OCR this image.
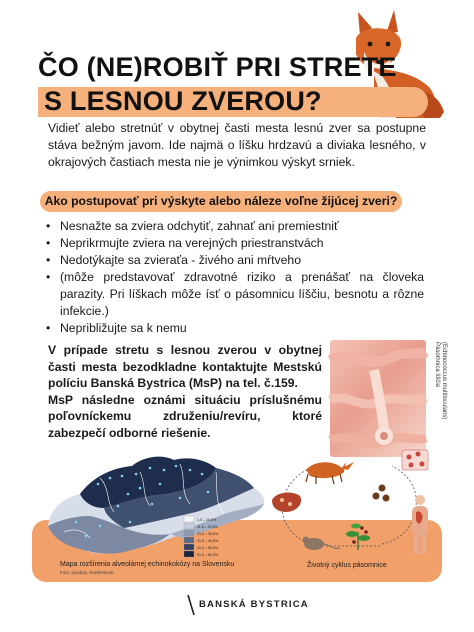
ČO (NE)ROBIŤ PRI STRETE
S LESNOU ZVEROU?
Vidieť alebo stretnúť v obytnej časti mesta lesnú zver sa postupne stáva bežným javom. Ide najmä o líšku hrdzavú a diviaka lesného, v okrajových častiach mesta nie je výnimkou výskyt srniek.
Ako postupovať pri výskyte alebo náleze voľne žijúcej zveri?
• Nesnažte sa zviera odchytiť, zahnať ani premiestniť
• Neprikrmujte zviera na verejných priestranstvách
• Nedotýkajte sa zvieraťa - živého ani mŕtveho
• (môže predstavovať zdravotné riziko a prenášať na človeka parazity. Pri líškach môže ísť o pásomnicu líščiu, besnotu a rôzne infekcie.)
• Nepribližujte sa k nemu
V prípade stretu s lesnou zverou v obytnej časti mesta bezodkladne kontaktujte Mestskú políciu Banská Bystrica (MsP) na tel. č.159.
MsP následne oznámi situáciu príslušnému poľovníckemu združeniu/revíru, ktoré zabezpečí odborné riešenie.
Pásomnica líščia (Echinococcus multilocularis)
1,0 – 10,5%
11,5 – 20,5%
21,0 – 30,5%
31,5 – 40,5%
41,0 – 50,5%
51,0 – 60,5%
Mapa rozšírenia alveolárnej echinokokózy na Slovensku
Foto: pixabay, shutterstock
Životný cyklus pásomnice
BANSKÁ BYSTRICA
